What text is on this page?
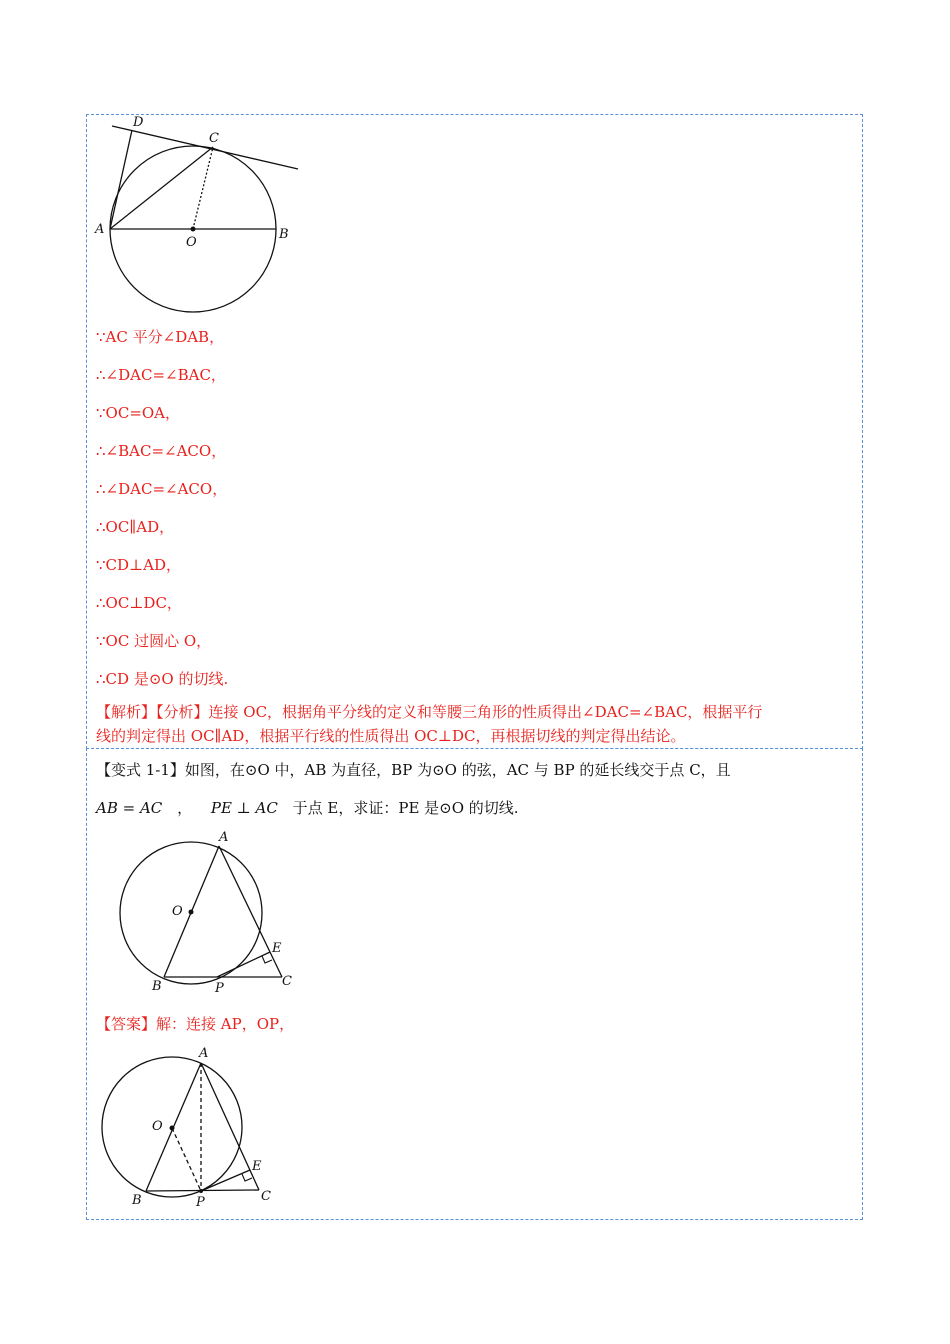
D
C
A
O
B
∵AC 平分∠DAB，
∴∠DAC=∠BAC，
∵OC=OA，
∴∠BAC=∠ACO，
∴∠DAC=∠ACO，
∴OC∥AD，
∵CD⊥AD，
∴OC⊥DC，
∵OC 过圆心 O，
∴CD 是⊙O 的切线.
【解析】【分析】连接 OC，根据角平分线的定义和等腰三角形的性质得出∠DAC=∠BAC，根据平行
线的判定得出 OC∥AD，根据平行线的性质得出 OC⊥DC，再根据切线的判定得出结论。
【变式 1-1】如图，在⊙O 中，AB 为直径，BP 为⊙O 的弦，AC 与 BP 的延长线交于点 C，且
AB = AC ， PE ⊥ AC 于点 E，求证：PE 是⊙O 的切线.
A
O
E
B	P	C
【答案】解：连接 AP，OP，
A
O
E
B	P	C
